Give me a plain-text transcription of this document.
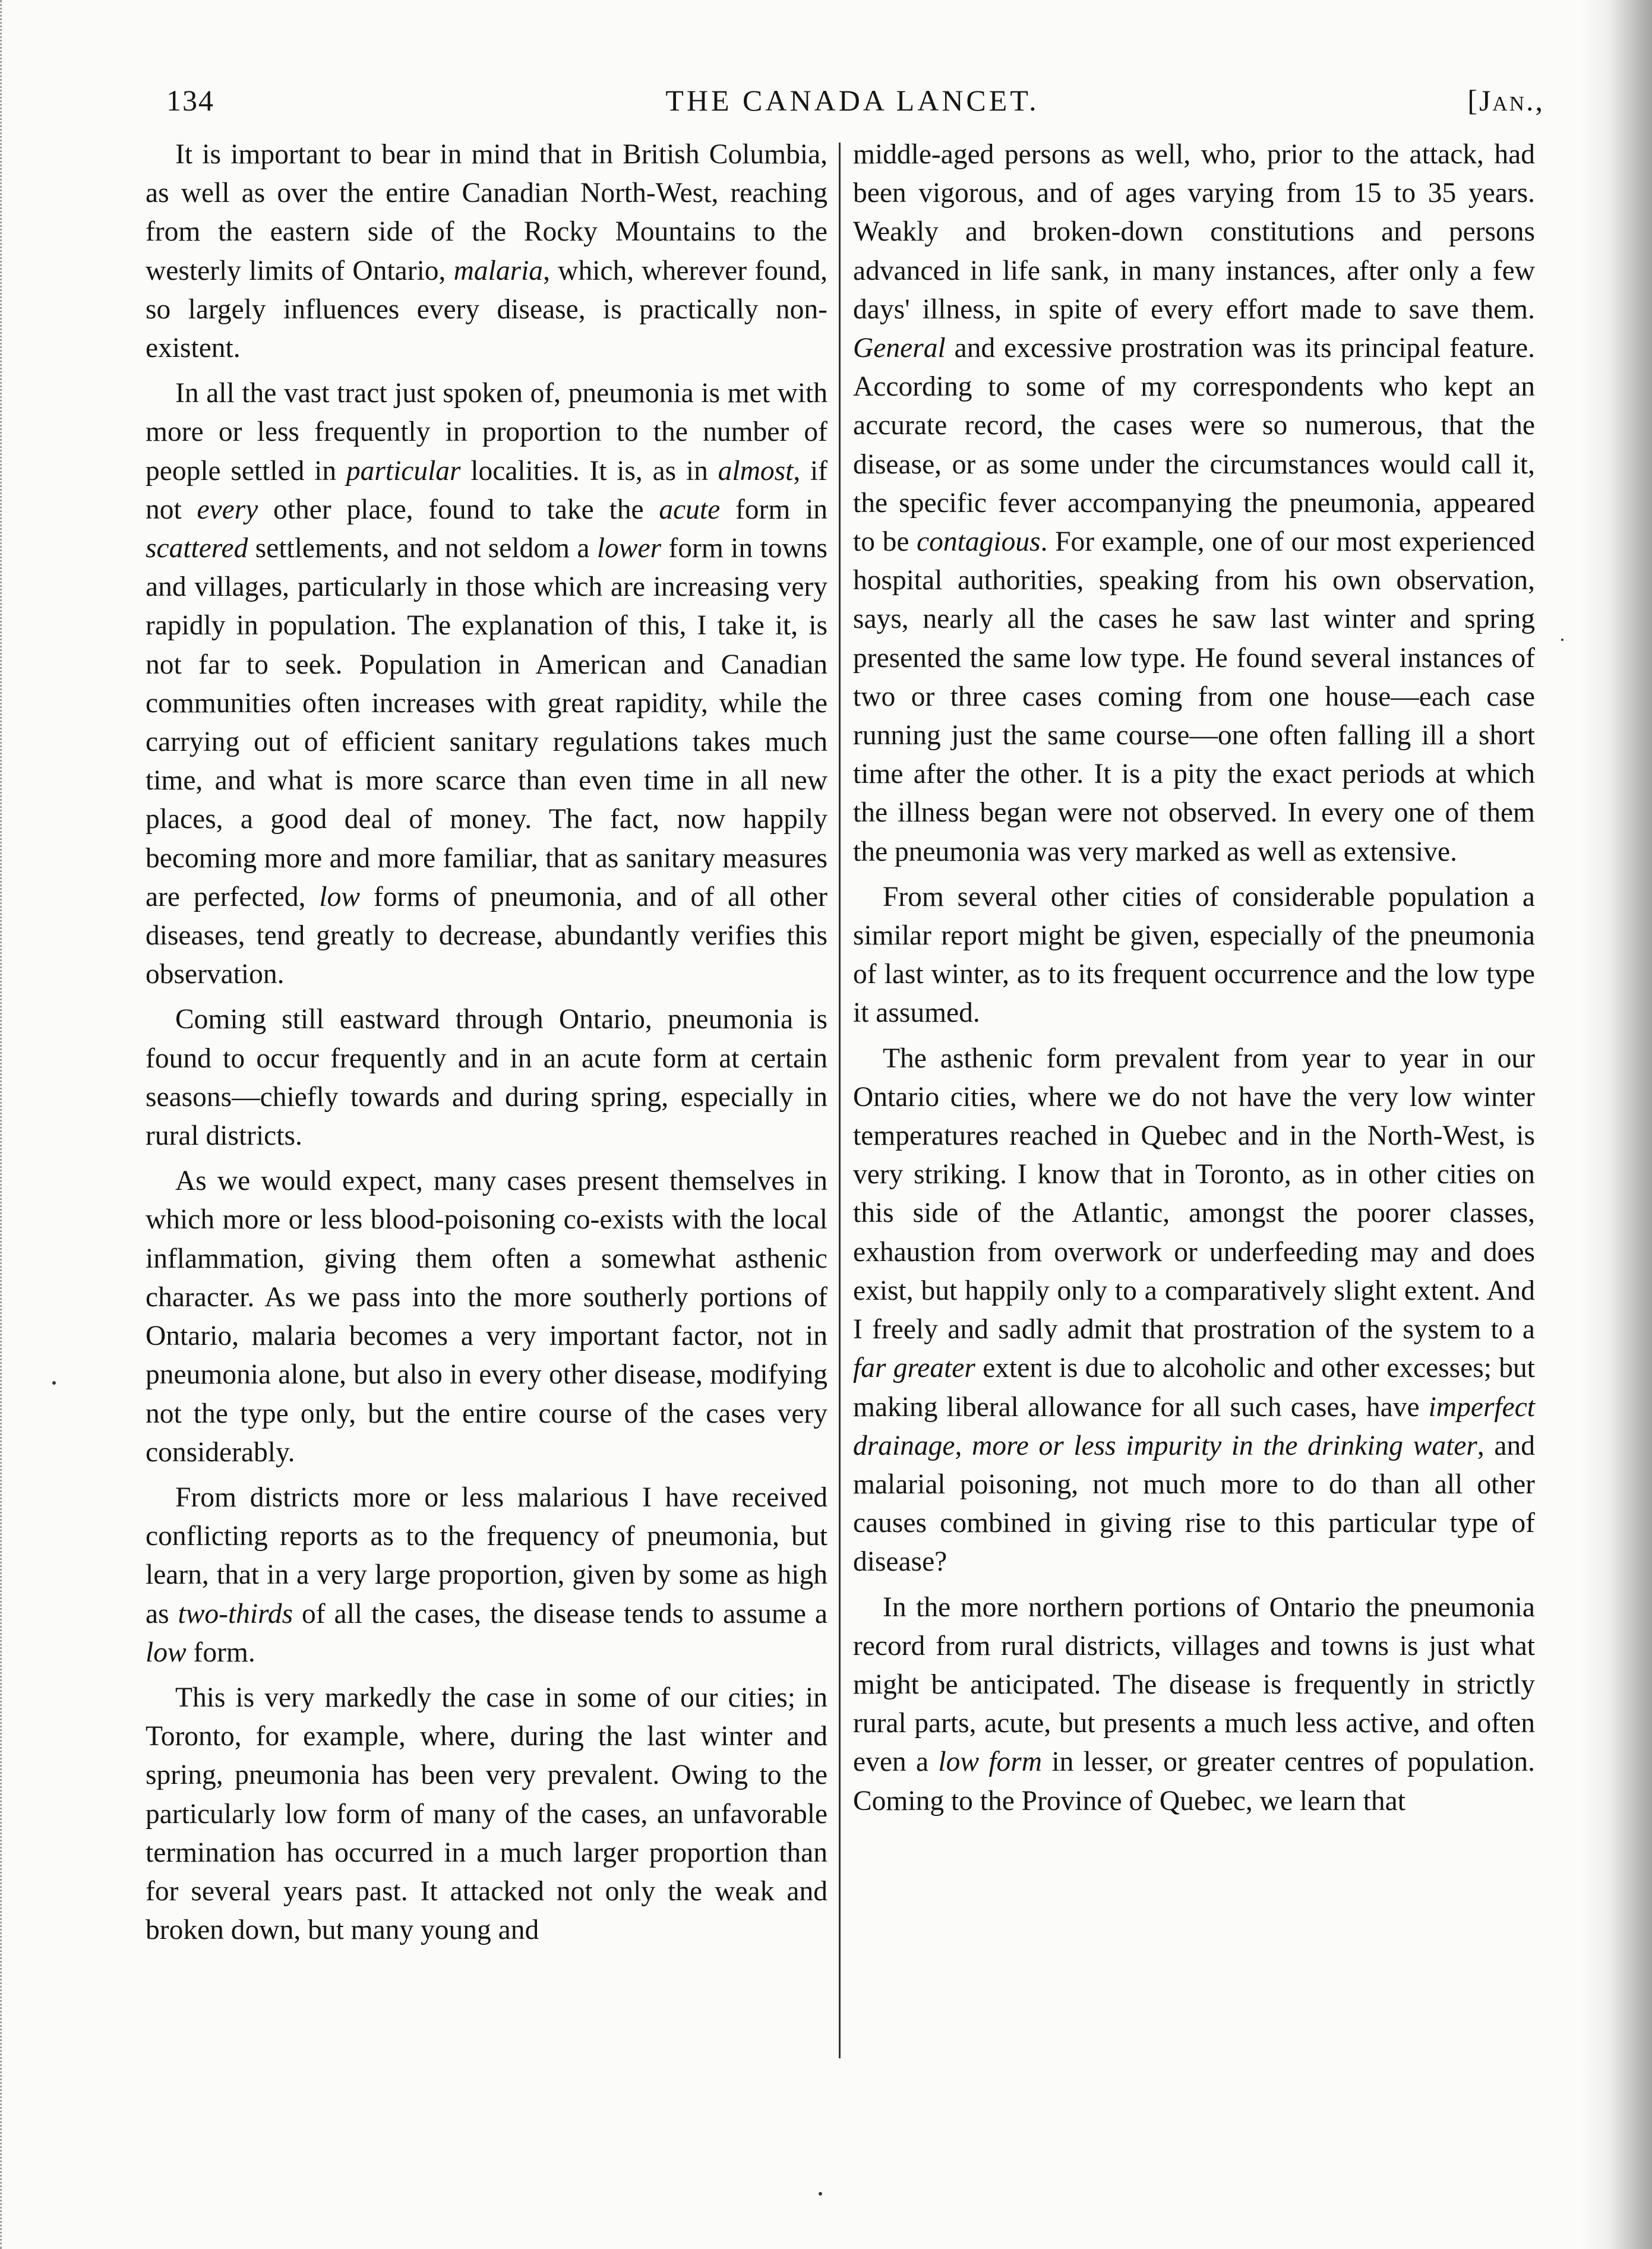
134	THE CANADA LANCET.	[Jan.,

It is important to bear in mind that in British Columbia, as well as over the entire Canadian North-West, reaching from the eastern side of the Rocky Mountains to the westerly limits of Ontario, malaria, which, wherever found, so largely influences every disease, is practically non-existent.

In all the vast tract just spoken of, pneumonia is met with more or less frequently in proportion to the number of people settled in particular localities. It is, as in almost, if not every other place, found to take the acute form in scattered settlements, and not seldom a lower form in towns and villages, particularly in those which are increasing very rapidly in population. The explanation of this, I take it, is not far to seek. Population in American and Canadian communities often increases with great rapidity, while the carrying out of efficient sanitary regulations takes much time, and what is more scarce than even time in all new places, a good deal of money. The fact, now happily becoming more and more familiar, that as sanitary measures are perfected, low forms of pneumonia, and of all other diseases, tend greatly to decrease, abundantly verifies this observation.

Coming still eastward through Ontario, pneumonia is found to occur frequently and in an acute form at certain seasons—chiefly towards and during spring, especially in rural districts.

As we would expect, many cases present themselves in which more or less blood-poisoning co-exists with the local inflammation, giving them often a somewhat asthenic character. As we pass into the more southerly portions of Ontario, malaria becomes a very important factor, not in pneumonia alone, but also in every other disease, modifying not the type only, but the entire course of the cases very considerably.

From districts more or less malarious I have received conflicting reports as to the frequency of pneumonia, but learn, that in a very large proportion, given by some as high as two-thirds of all the cases, the disease tends to assume a low form.

This is very markedly the case in some of our cities; in Toronto, for example, where, during the last winter and spring, pneumonia has been very prevalent. Owing to the particularly low form of many of the cases, an unfavorable termination has occurred in a much larger proportion than for several years past. It attacked not only the weak and broken down, but many young and

middle-aged persons as well, who, prior to the attack, had been vigorous, and of ages varying from 15 to 35 years. Weakly and broken-down constitutions and persons advanced in life sank, in many instances, after only a few days' illness, in spite of every effort made to save them. General and excessive prostration was its principal feature. According to some of my correspondents who kept an accurate record, the cases were so numerous, that the disease, or as some under the circumstances would call it, the specific fever accompanying the pneumonia, appeared to be contagious. For example, one of our most experienced hospital authorities, speaking from his own observation, says, nearly all the cases he saw last winter and spring presented the same low type. He found several instances of two or three cases coming from one house—each case running just the same course—one often falling ill a short time after the other. It is a pity the exact periods at which the illness began were not observed. In every one of them the pneumonia was very marked as well as extensive.

From several other cities of considerable population a similar report might be given, especially of the pneumonia of last winter, as to its frequent occurrence and the low type it assumed.

The asthenic form prevalent from year to year in our Ontario cities, where we do not have the very low winter temperatures reached in Quebec and in the North-West, is very striking. I know that in Toronto, as in other cities on this side of the Atlantic, amongst the poorer classes, exhaustion from overwork or underfeeding may and does exist, but happily only to a comparatively slight extent. And I freely and sadly admit that prostration of the system to a far greater extent is due to alcoholic and other excesses; but making liberal allowance for all such cases, have imperfect drainage, more or less impurity in the drinking water, and malarial poisoning, not much more to do than all other causes combined in giving rise to this particular type of disease?

In the more northern portions of Ontario the pneumonia record from rural districts, villages and towns is just what might be anticipated. The disease is frequently in strictly rural parts, acute, but presents a much less active, and often even a low form in lesser, or greater centres of population. Coming to the Province of Quebec, we learn that
